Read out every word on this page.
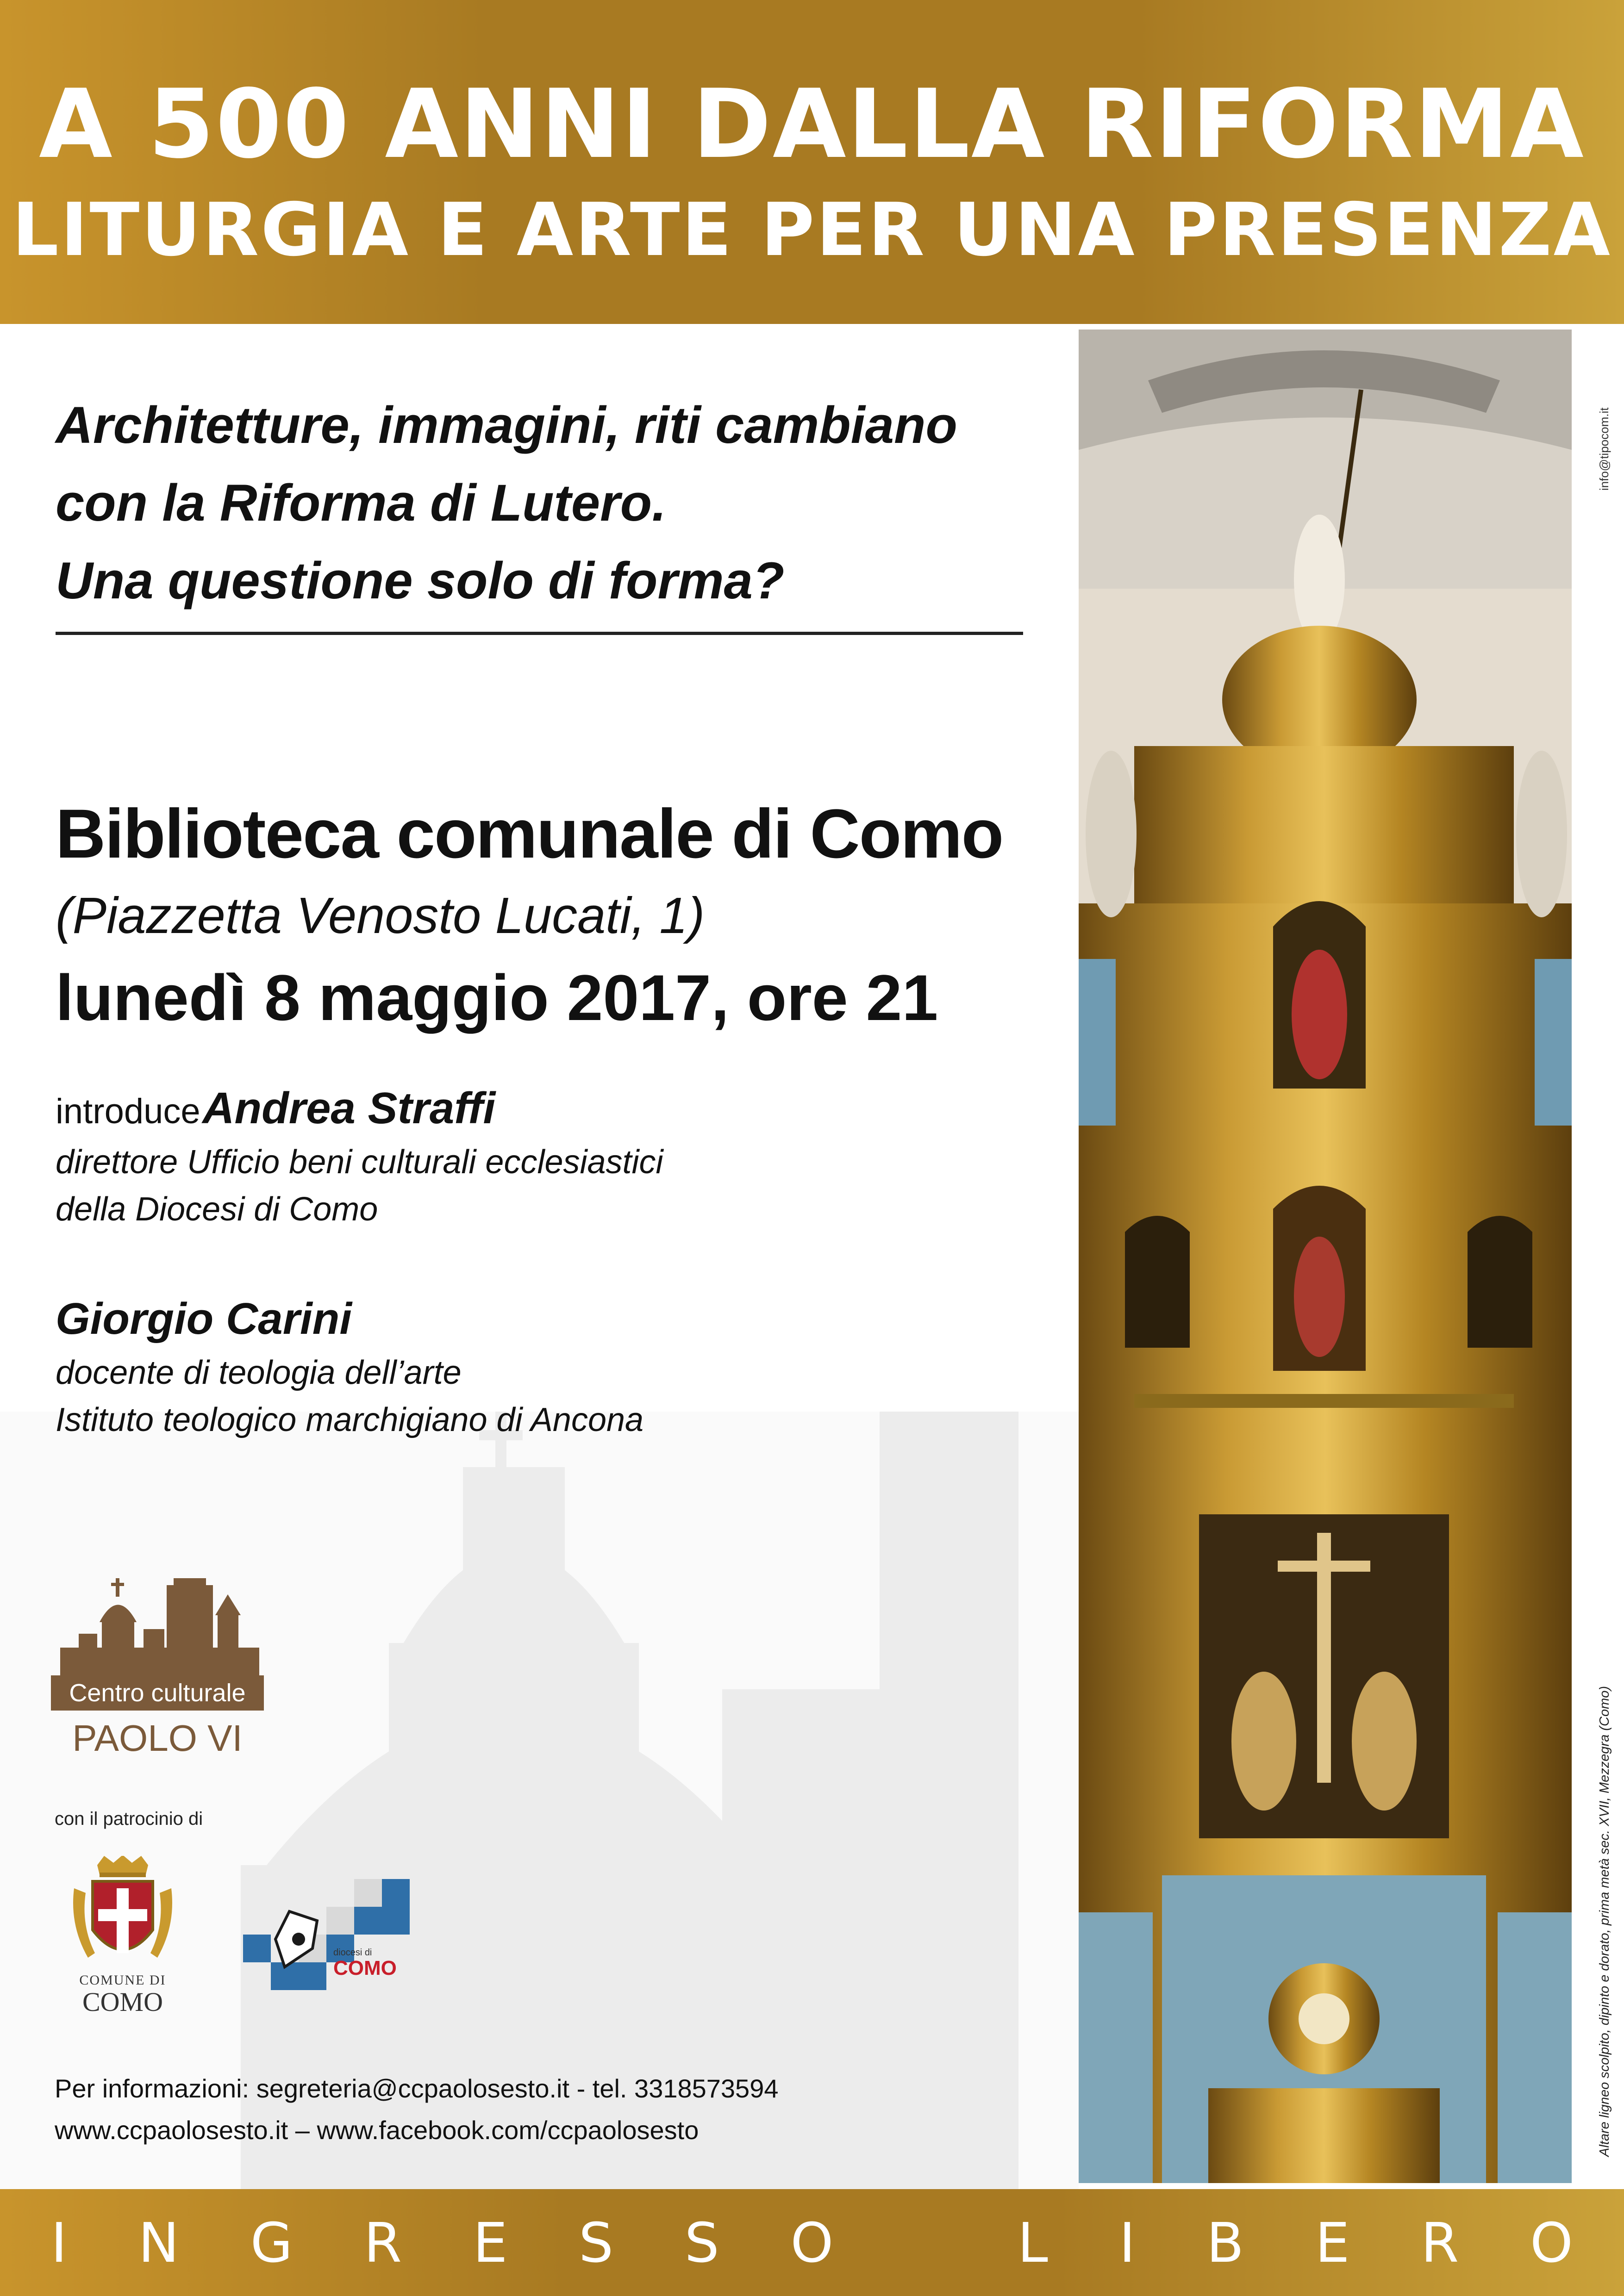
A 500 ANNI DALLA RIFORMA
LITURGIA E ARTE PER UNA PRESENZA
Architetture, immagini, riti cambiano
con la Riforma di Lutero.
Una questione solo di forma?
Biblioteca comunale di Como
(Piazzetta Venosto Lucati, 1)
lunedì 8 maggio 2017, ore 21
introduce Andrea Straffi
direttore Ufficio beni culturali ecclesiastici
della Diocesi di Como
Giorgio Carini
docente di teologia dell’arte
Istituto teologico marchigiano di Ancona
Centro culturale
PAOLO VI
con il patrocinio di
COMUNE DI
COMO
diocesi di
COMO
Per informazioni: segreteria@ccpaolosesto.it - tel. 3318573594
www.ccpaolosesto.it – www.facebook.com/ccpaolosesto
info@tipocom.it
Altare ligneo scolpito, dipinto e dorato, prima metà sec. XVII, Mezzegra (Como)
I N G R E S S O	L I B E R O
